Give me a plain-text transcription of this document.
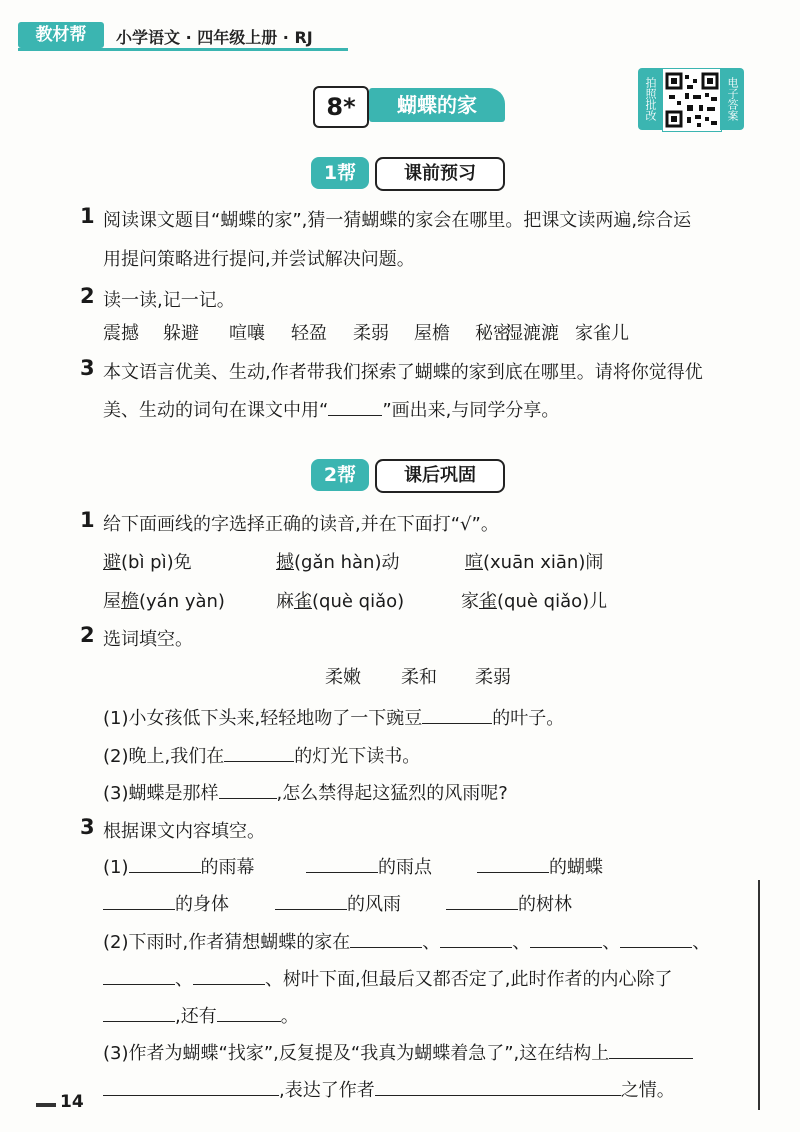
教材帮	小学语文 · 四年级上册 · RJ
8*	蝴蝶的家	拍照批改	电子答案
1帮	课前预习
1 阅读课文题目“蝴蝶的家”,猜一猜蝴蝶的家会在哪里。把课文读两遍,综合运
用提问策略进行提问,并尝试解决问题。
2 读一读,记一记。
震撼 躲避 喧嚷 轻盈 柔弱 屋檐 秘密
湿漉漉 家雀儿
3 本文语言优美、生动,作者带我们探索了蝴蝶的家到底在哪里。请将你觉得优
美、生动的词句在课文中用“	”画出来,与同学分享。
2帮	课后巩固
1 给下面画线的字选择正确的读音,并在下面打“√”。
避(bì pì)免	撼(gǎn hàn)动	喧(xuān xiān)闹
屋檐(yán yàn)	麻雀(què qiǎo)	家雀(què qiǎo)儿
2 选词填空。
柔嫩 柔和 柔弱
(1)小女孩低下头来,轻轻地吻了一下豌豆	的叶子。
(2)晚上,我们在	的灯光下读书。
(3)蝴蝶是那样	,怎么禁得起这猛烈的风雨呢?
3 根据课文内容填空。
(1)	的雨幕	的雨点	的蝴蝶
的身体	的风雨	的树林
(2)下雨时,作者猜想蝴蝶的家在	、	、	、	、
、	、树叶下面,但最后又都否定了,此时作者的内心除了
,还有	。
(3)作者为蝴蝶“找家”,反复提及“我真为蝴蝶着急了”,这在结构上
,表达了作者	之情。
14
